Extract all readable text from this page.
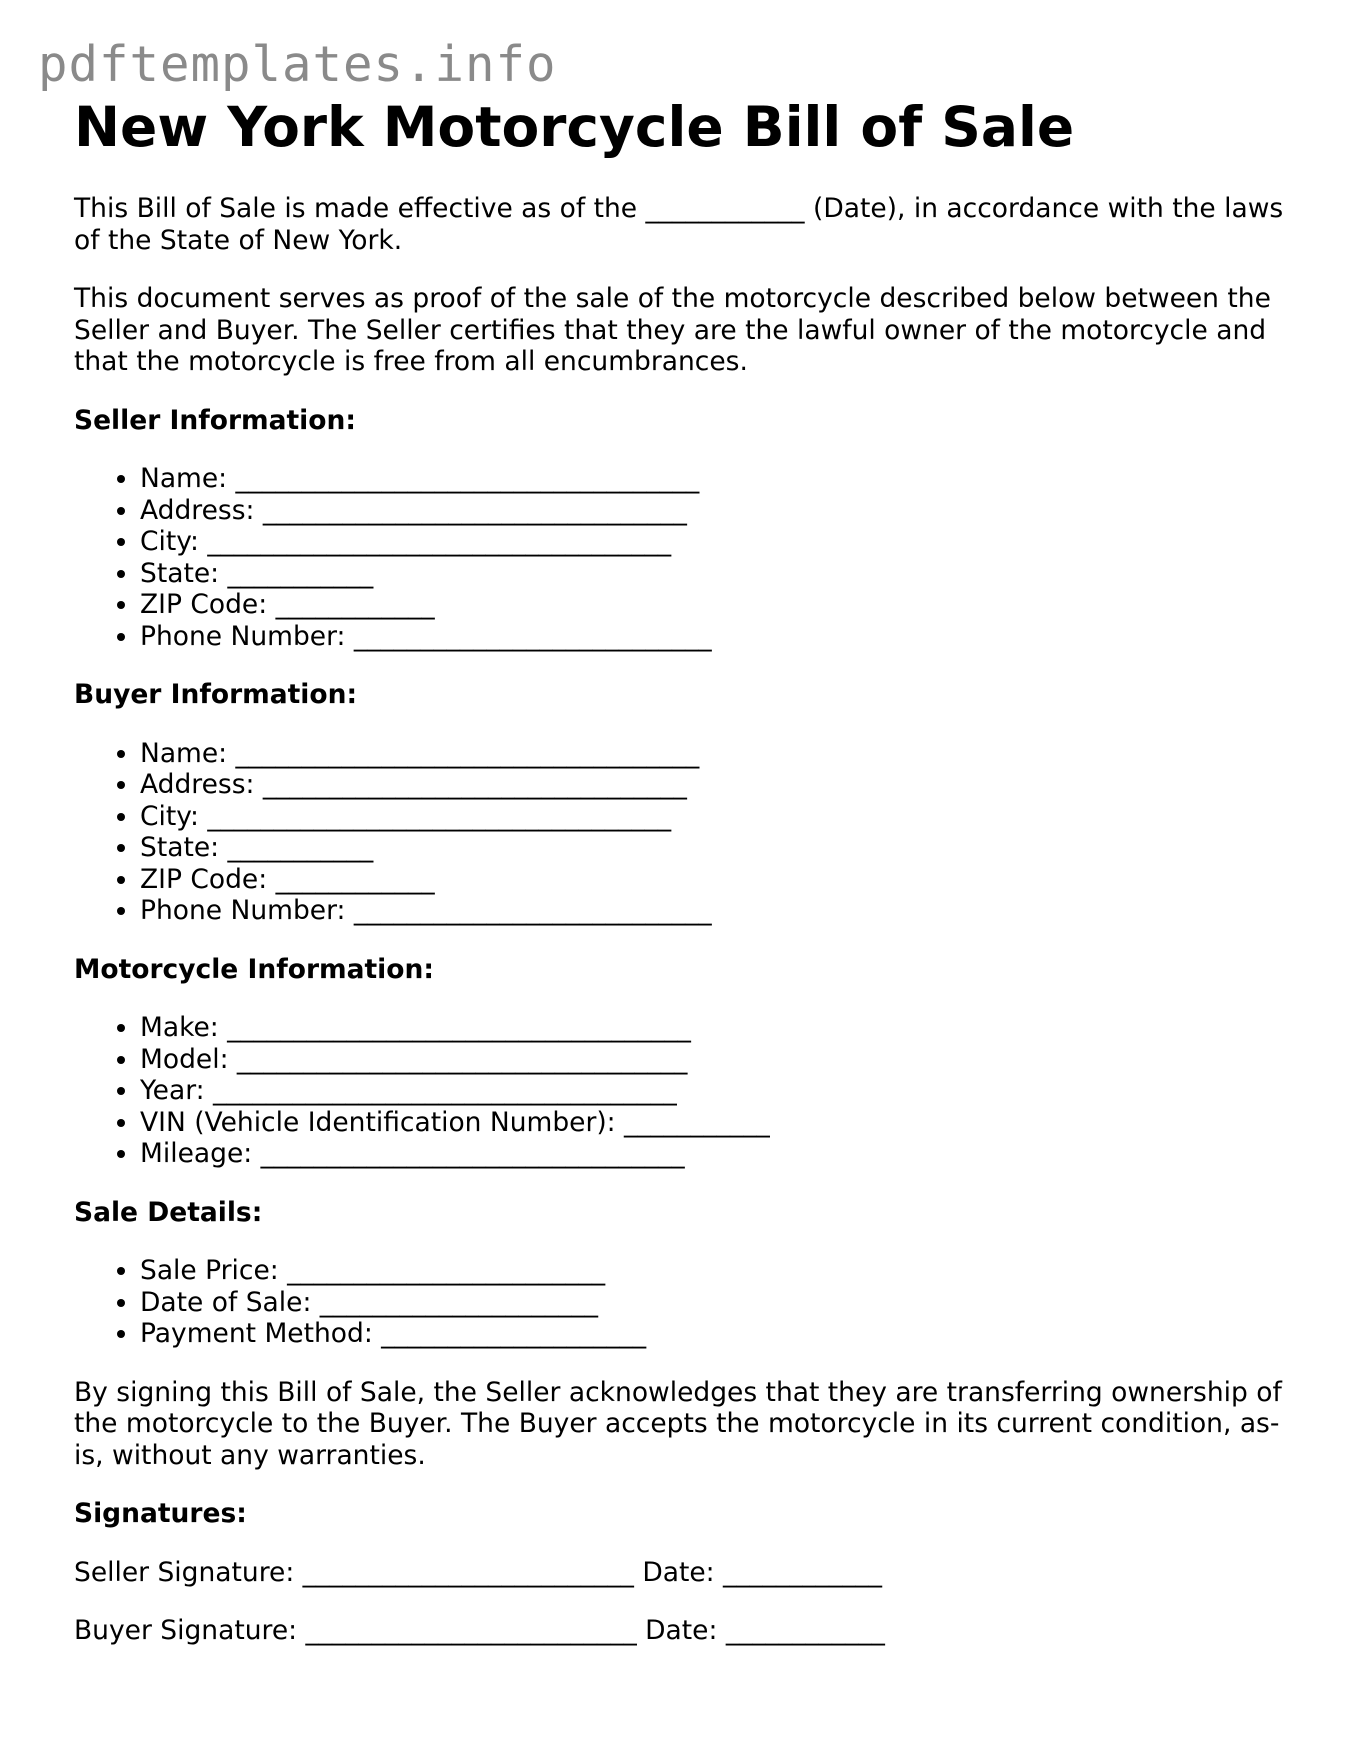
pdftemplates.info
New York Motorcycle Bill of Sale

This Bill of Sale is made effective as of the ____________ (Date), in accordance with the laws of the State of New York.

This document serves as proof of the sale of the motorcycle described below between the Seller and Buyer. The Seller certifies that they are the lawful owner of the motorcycle and that the motorcycle is free from all encumbrances.

Seller Information:
• Name: ___________________________________
• Address: ________________________________
• City: ___________________________________
• State: ___________
• ZIP Code: ____________
• Phone Number: ___________________________
Buyer Information:
• Name: ___________________________________
• Address: ________________________________
• City: ___________________________________
• State: ___________
• ZIP Code: ____________
• Phone Number: ___________________________
Motorcycle Information:
• Make: ___________________________________
• Model: __________________________________
• Year: ___________________________________
• VIN (Vehicle Identification Number): ___________
• Mileage: ________________________________
Sale Details:
• Sale Price: ________________________
• Date of Sale: _____________________
• Payment Method: ____________________

By signing this Bill of Sale, the Seller acknowledges that they are transferring ownership of the motorcycle to the Buyer. The Buyer accepts the motorcycle in its current condition, as-is, without any warranties.

Signatures:
Seller Signature: _________________________ Date: ____________
Buyer Signature: _________________________ Date: ____________
